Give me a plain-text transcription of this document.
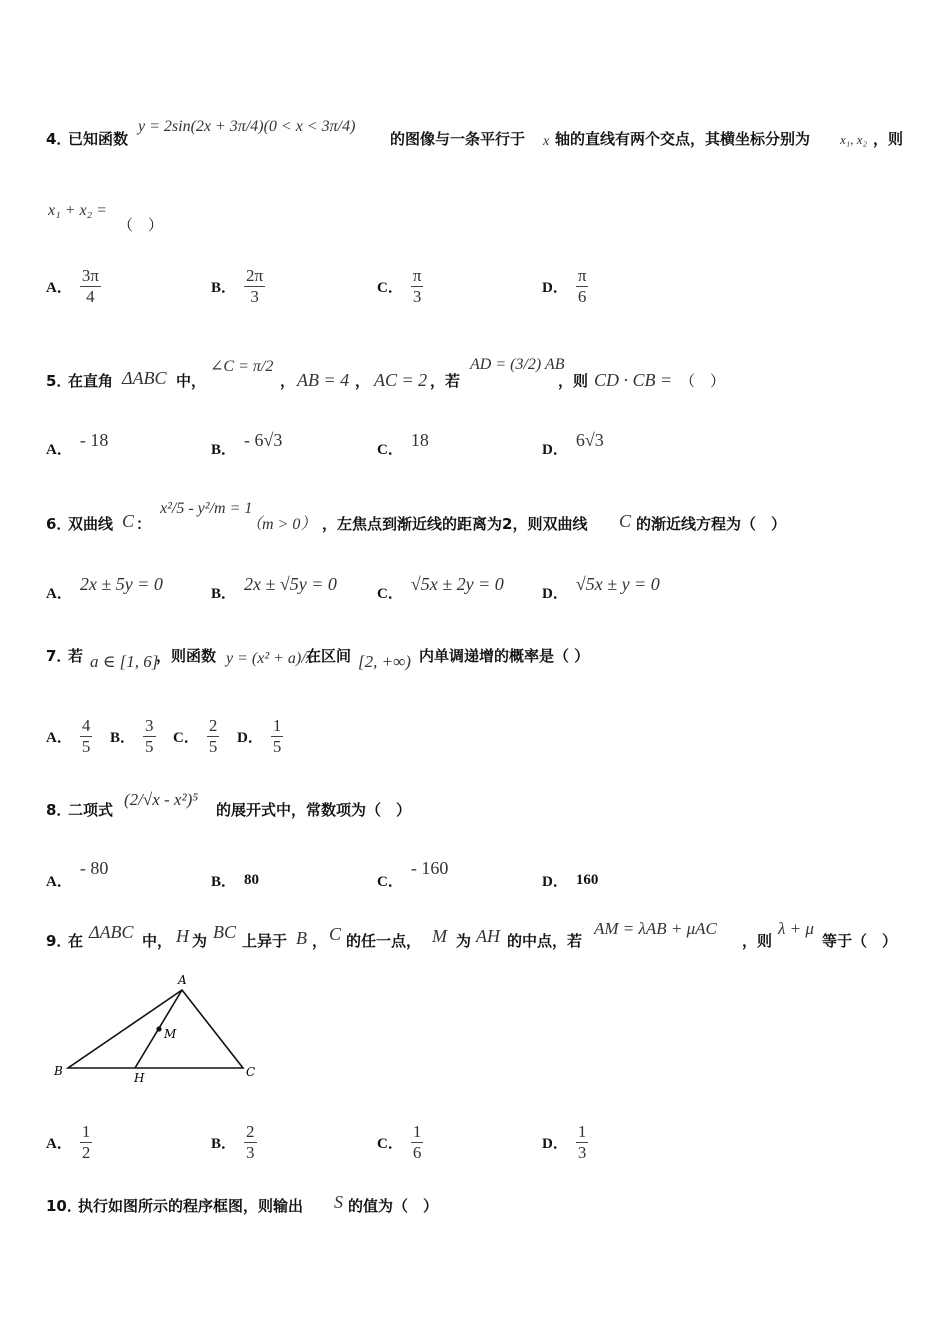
4．
已知函数
y = 2sin(2x + 3π/4)(0 < x < 3π/4)
的图像与一条平行于 x 轴的直线有两个交点，其横坐标分别为 x₁, x₂ ，则
x₁ + x₂ =
（　）
A． $\frac{3\pi}{4}$	B． $\frac{2\pi}{3}$	C． $\frac{\pi}{3}$	D． $\frac{\pi}{6}$
5．
在直角 ΔABC 中，
∠C = π/2
， AB = 4 ， AC = 2 ，若
AD = (3/2) AB
，则 CD · CB = （　）
A． - 18	B． - 6√3	C． 18	D． 6√3
6．
双曲线 C ：
x²/5 - y²/m = 1
（m > 0） ，左焦点到渐近线的距离为2，则双曲线 C 的渐近线方程为（　）
A． 2x ± 5y = 0	B． 2x ± √5y = 0	C． √5x ± 2y = 0	D． √5x ± y = 0
7．
若 a ∈ [1, 6]
，则函数 y = (x² + a)/x
在区间 [2, +∞) 内单调递增的概率是（ ）
A． $\frac{4}{5}$ B． $\frac{3}{5}$ C． $\frac{2}{5}$ D． $\frac{1}{5}$
8．
二项式
(2/√x - x²)⁵
的展开式中，常数项为（　）
A．
- 80
B． 80	C．
- 160
D． 160
9．
在 ΔABC 中， H 为 BC 上异于 B ， C 的任一点， M 为 AH 的中点，若
AM = λAB + μAC
，则
λ + μ
等于（　）
A
B	C
H
M
A． $\frac{1}{2}$	B． $\frac{2}{3}$	C． $\frac{1}{6}$	D． $\frac{1}{3}$
10．
执行如图所示的程序框图，则输出 S 的值为（　）
